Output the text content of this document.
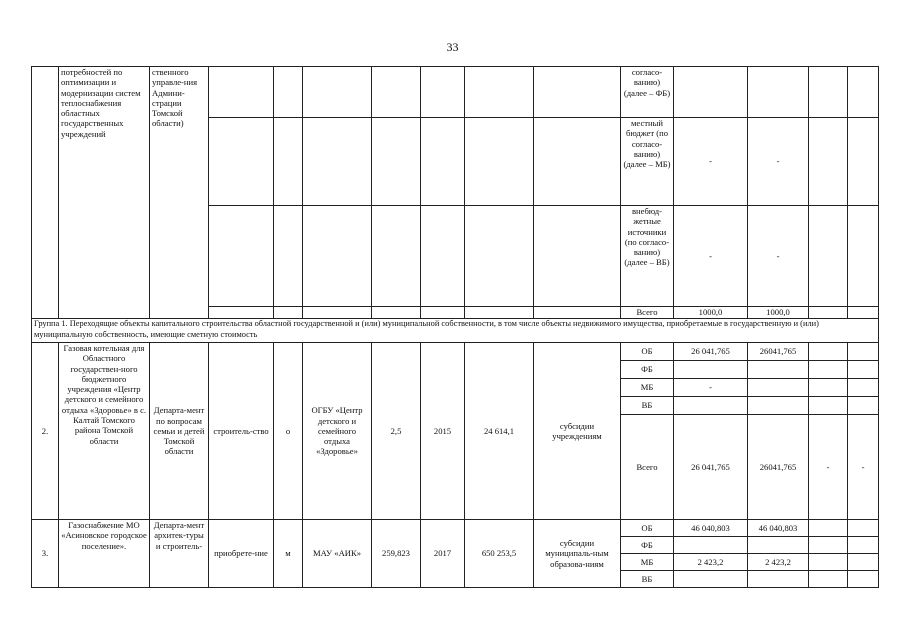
33
	потребностей по оптимизации и модернизации систем теплоснабжения областных государственных учреждений	ственного управле-ния Админи-страции Томской области)								согласо-ванию) (далее – ФБ)				
										местный бюджет (по согласо-ванию) (далее – МБ)	-	-		
										внебюд-жетные источники (по согласо-ванию) (далее – ВБ)	-	-		
										Всего	1000,0	1000,0		
Группа 1. Переходящие объекты капитального строительства областной государственной и (или) муниципальной собственности, в том числе объекты недвижимого имущества, приобретаемые в государственную и (или) муниципальную собственность, имеющие сметную стоимость														
2.	Газовая котельная для Областного государствен-ного бюджетного учреждения «Центр детского и семейного отдыха «Здоровье» в с. Калтай Томского района Томской области	Департа-мент по вопросам семьи и детей Томской области	строитель-ство	о	ОГБУ «Центр детского и семейного отдыха «Здоровье»	2,5	2015	24 614,1	субсидии учреждениям	ОБ	26 041,765	26041,765		
										ФБ				
										МБ	-			
										ВБ				
										Всего	26 041,765	26041,765	-	-
3.	Газоснабжение МО «Асиновское городское поселение».	Департа-мент архитек-туры и строитель-	приобрете-ние	м	МАУ «АИК»	259,823	2017	650 253,5	субсидии муниципаль-ным образова-ниям	ОБ	46 040,803	46 040,803		
										ФБ				
										МБ	2 423,2	2 423,2		
										ВБ				
